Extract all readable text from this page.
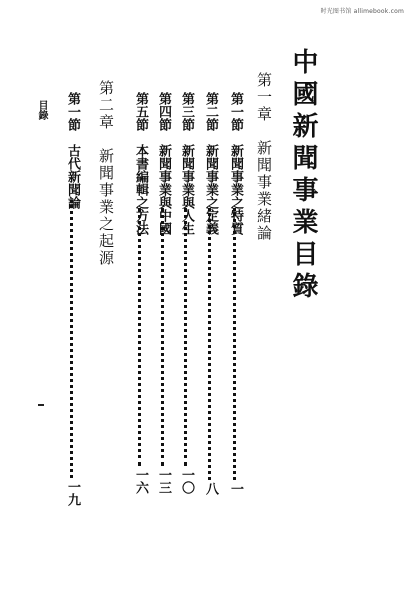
时光图书馆 allimebook.com
中國新聞事業目錄
第一章　新聞事業緒論
第一節 新聞事業之特質
一
第二節 新聞事業之定義
八
第三節 新聞事業與人生
一〇
第四節 新聞事業與中國
一三
第五節 本書編輯之方法
一六
第二章　新聞事業之起源
第一節 古代新聞論
一九
目錄
